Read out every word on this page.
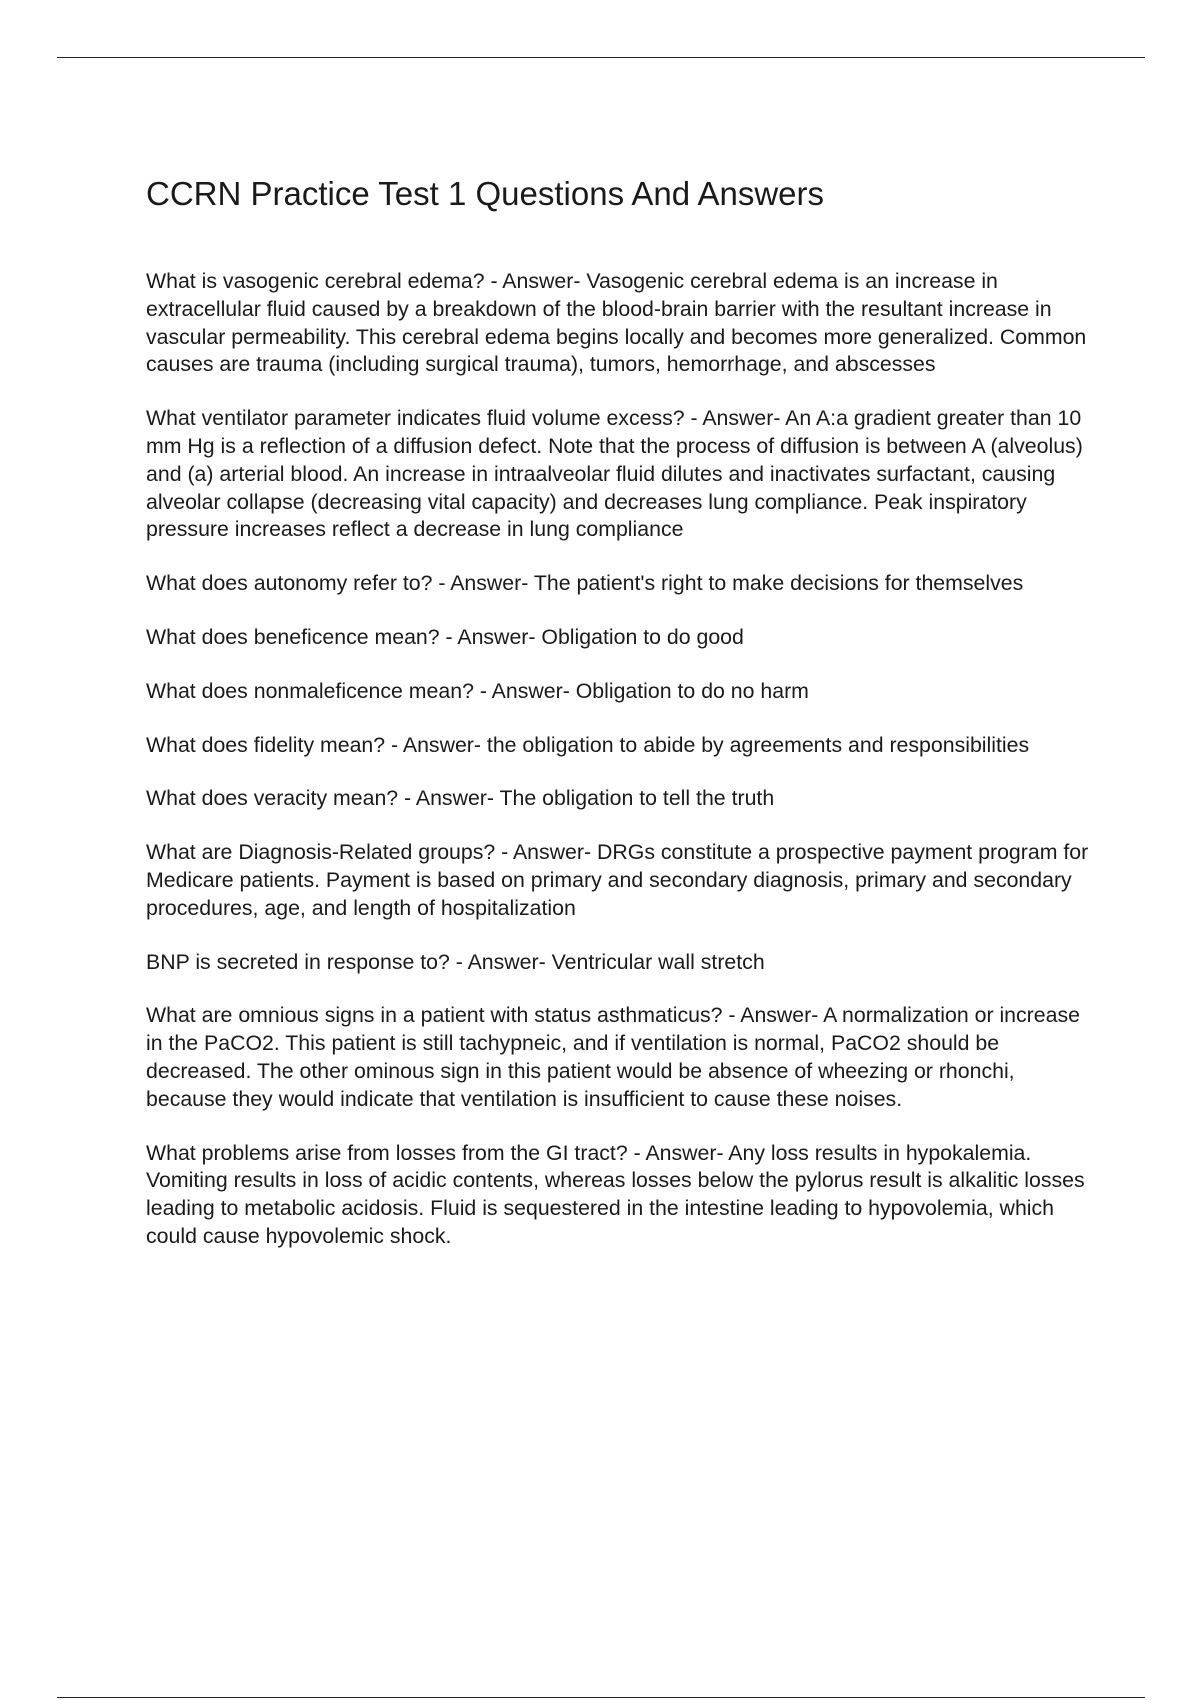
CCRN Practice Test 1 Questions And Answers

What is vasogenic cerebral edema? - Answer- Vasogenic cerebral edema is an increase in extracellular fluid caused by a breakdown of the blood-brain barrier with the resultant increase in vascular permeability. This cerebral edema begins locally and becomes more generalized. Common causes are trauma (including surgical trauma), tumors, hemorrhage, and abscesses

What ventilator parameter indicates fluid volume excess? - Answer- An A:a gradient greater than 10 mm Hg is a reflection of a diffusion defect. Note that the process of diffusion is between A (alveolus) and (a) arterial blood. An increase in intraalveolar fluid dilutes and inactivates surfactant, causing alveolar collapse (decreasing vital capacity) and decreases lung compliance. Peak inspiratory pressure increases reflect a decrease in lung compliance

What does autonomy refer to? - Answer- The patient's right to make decisions for themselves

What does beneficence mean? - Answer- Obligation to do good

What does nonmaleficence mean? - Answer- Obligation to do no harm

What does fidelity mean? - Answer- the obligation to abide by agreements and responsibilities

What does veracity mean? - Answer- The obligation to tell the truth

What are Diagnosis-Related groups? - Answer- DRGs constitute a prospective payment program for Medicare patients. Payment is based on primary and secondary diagnosis, primary and secondary procedures, age, and length of hospitalization

BNP is secreted in response to? - Answer- Ventricular wall stretch

What are omnious signs in a patient with status asthmaticus? - Answer- A normalization or increase in the PaCO2. This patient is still tachypneic, and if ventilation is normal, PaCO2 should be decreased. The other ominous sign in this patient would be absence of wheezing or rhonchi, because they would indicate that ventilation is insufficient to cause these noises.

What problems arise from losses from the GI tract? - Answer- Any loss results in hypokalemia. Vomiting results in loss of acidic contents, whereas losses below the pylorus result is alkalitic losses leading to metabolic acidosis. Fluid is sequestered in the intestine leading to hypovolemia, which could cause hypovolemic shock.
